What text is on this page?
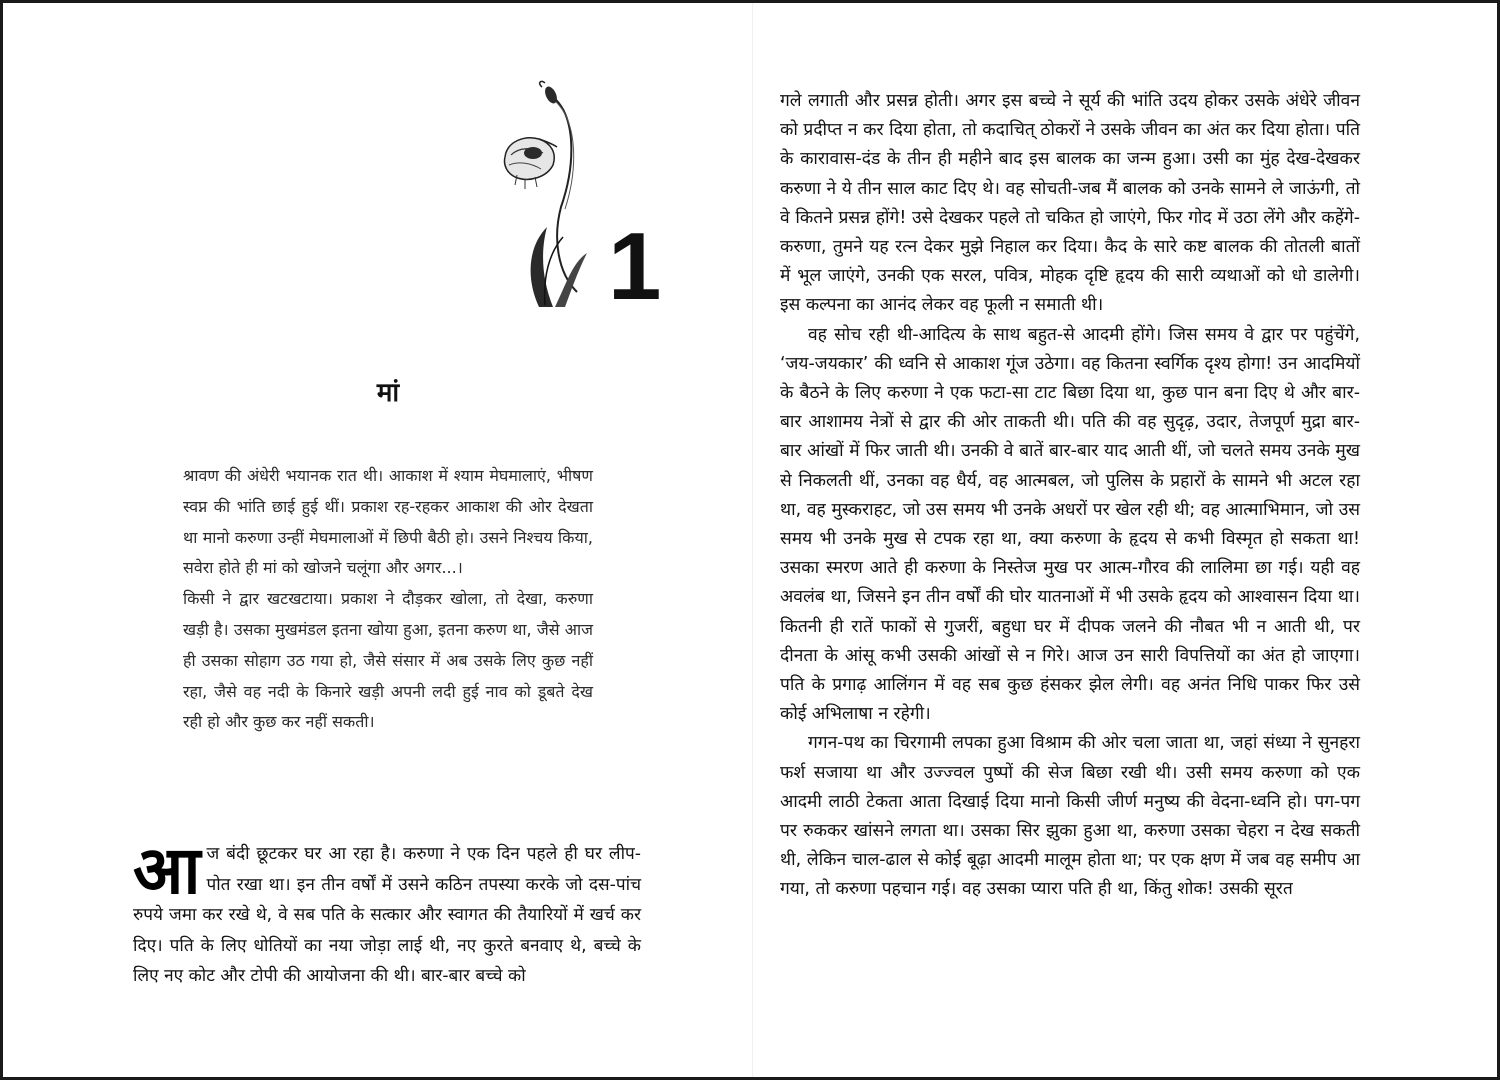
1
मां

श्रावण की अंधेरी भयानक रात थी। आकाश में श्याम मेघमालाएं, भीषण स्वप्न की भांति छाई हुई थीं। प्रकाश रह-रहकर आकाश की ओर देखता था मानो करुणा उन्हीं मेघमालाओं में छिपी बैठी हो। उसने निश्चय किया, सवेरा होते ही मां को खोजने चलूंगा और अगर...।

किसी ने द्वार खटखटाया। प्रकाश ने दौड़कर खोला, तो देखा, करुणा खड़ी है। उसका मुखमंडल इतना खोया हुआ, इतना करुण था, जैसे आज ही उसका सोहाग उठ गया हो, जैसे संसार में अब उसके लिए कुछ नहीं रहा, जैसे वह नदी के किनारे खड़ी अपनी लदी हुई नाव को डूबते देख रही हो और कुछ कर नहीं सकती।

आज बंदी छूटकर घर आ रहा है। करुणा ने एक दिन पहले ही घर लीप-पोत रखा था। इन तीन वर्षों में उसने कठिन तपस्या करके जो दस-पांच रुपये जमा कर रखे थे, वे सब पति के सत्कार और स्वागत की तैयारियों में खर्च कर दिए। पति के लिए धोतियों का नया जोड़ा लाई थी, नए कुरते बनवाए थे, बच्चे के लिए नए कोट और टोपी की आयोजना की थी। बार-बार बच्चे को

गले लगाती और प्रसन्न होती। अगर इस बच्चे ने सूर्य की भांति उदय होकर उसके अंधेरे जीवन को प्रदीप्त न कर दिया होता, तो कदाचित् ठोकरों ने उसके जीवन का अंत कर दिया होता। पति के कारावास-दंड के तीन ही महीने बाद इस बालक का जन्म हुआ। उसी का मुंह देख-देखकर करुणा ने ये तीन साल काट दिए थे। वह सोचती-जब मैं बालक को उनके सामने ले जाऊंगी, तो वे कितने प्रसन्न होंगे! उसे देखकर पहले तो चकित हो जाएंगे, फिर गोद में उठा लेंगे और कहेंगे-करुणा, तुमने यह रत्न देकर मुझे निहाल कर दिया। कैद के सारे कष्ट बालक की तोतली बातों में भूल जाएंगे, उनकी एक सरल, पवित्र, मोहक दृष्टि हृदय की सारी व्यथाओं को धो डालेगी। इस कल्पना का आनंद लेकर वह फूली न समाती थी।

वह सोच रही थी-आदित्य के साथ बहुत-से आदमी होंगे। जिस समय वे द्वार पर पहुंचेंगे, ‘जय-जयकार’ की ध्वनि से आकाश गूंज उठेगा। वह कितना स्वर्गिक दृश्य होगा! उन आदमियों के बैठने के लिए करुणा ने एक फटा-सा टाट बिछा दिया था, कुछ पान बना दिए थे और बार-बार आशामय नेत्रों से द्वार की ओर ताकती थी। पति की वह सुदृढ़, उदार, तेजपूर्ण मुद्रा बार-बार आंखों में फिर जाती थी। उनकी वे बातें बार-बार याद आती थीं, जो चलते समय उनके मुख से निकलती थीं, उनका वह धैर्य, वह आत्मबल, जो पुलिस के प्रहारों के सामने भी अटल रहा था, वह मुस्कराहट, जो उस समय भी उनके अधरों पर खेल रही थी; वह आत्माभिमान, जो उस समय भी उनके मुख से टपक रहा था, क्या करुणा के हृदय से कभी विस्मृत हो सकता था! उसका स्मरण आते ही करुणा के निस्तेज मुख पर आत्म-गौरव की लालिमा छा गई। यही वह अवलंब था, जिसने इन तीन वर्षों की घोर यातनाओं में भी उसके हृदय को आश्वासन दिया था। कितनी ही रातें फाकों से गुजरीं, बहुधा घर में दीपक जलने की नौबत भी न आती थी, पर दीनता के आंसू कभी उसकी आंखों से न गिरे। आज उन सारी विपत्तियों का अंत हो जाएगा। पति के प्रगाढ़ आलिंगन में वह सब कुछ हंसकर झेल लेगी। वह अनंत निधि पाकर फिर उसे कोई अभिलाषा न रहेगी।

गगन-पथ का चिरगामी लपका हुआ विश्राम की ओर चला जाता था, जहां संध्या ने सुनहरा फर्श सजाया था और उज्ज्वल पुष्पों की सेज बिछा रखी थी। उसी समय करुणा को एक आदमी लाठी टेकता आता दिखाई दिया मानो किसी जीर्ण मनुष्य की वेदना-ध्वनि हो। पग-पग पर रुककर खांसने लगता था। उसका सिर झुका हुआ था, करुणा उसका चेहरा न देख सकती थी, लेकिन चाल-ढाल से कोई बूढ़ा आदमी मालूम होता था; पर एक क्षण में जब वह समीप आ गया, तो करुणा पहचान गई। वह उसका प्यारा पति ही था, किंतु शोक! उसकी सूरत
